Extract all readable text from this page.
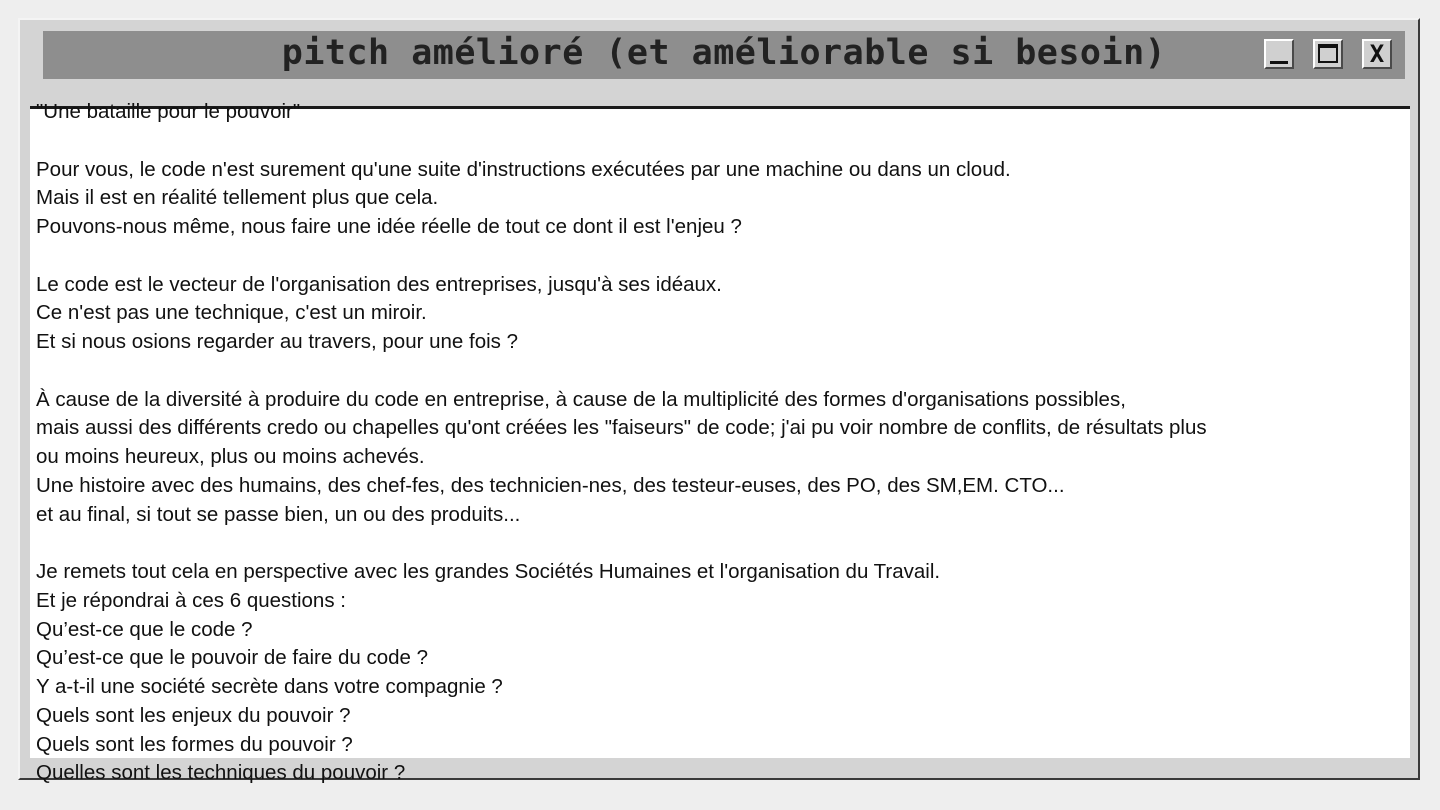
pitch amélioré (et améliorable si besoin)	X
"Une bataille pour le pouvoir"
Pour vous, le code n'est surement qu'une suite d'instructions exécutées par une machine ou dans un cloud.
Mais il est en réalité tellement plus que cela.
Pouvons-nous même, nous faire une idée réelle de tout ce dont il est l'enjeu ?
Le code est le vecteur de l'organisation des entreprises, jusqu'à ses idéaux.
Ce n'est pas une technique, c'est un miroir.
Et si nous osions regarder au travers, pour une fois ?
À cause de la diversité à produire du code en entreprise, à cause de la multiplicité des formes d'organisations possibles,
mais aussi des différents credo ou chapelles qu'ont créées les "faiseurs" de code; j'ai pu voir nombre de conflits, de résultats plus
ou moins heureux, plus ou moins achevés.
Une histoire avec des humains, des chef-fes, des technicien-nes, des testeur-euses, des PO, des SM,EM. CTO...
et au final, si tout se passe bien, un ou des produits...
Je remets tout cela en perspective avec les grandes Sociétés Humaines et l'organisation du Travail.
Et je répondrai à ces 6 questions :
Qu’est-ce que le code ?
Qu’est-ce que le pouvoir de faire du code ?
Y a-t-il une société secrète dans votre compagnie ?
Quels sont les enjeux du pouvoir ?
Quels sont les formes du pouvoir ?
Quelles sont les techniques du pouvoir ?
